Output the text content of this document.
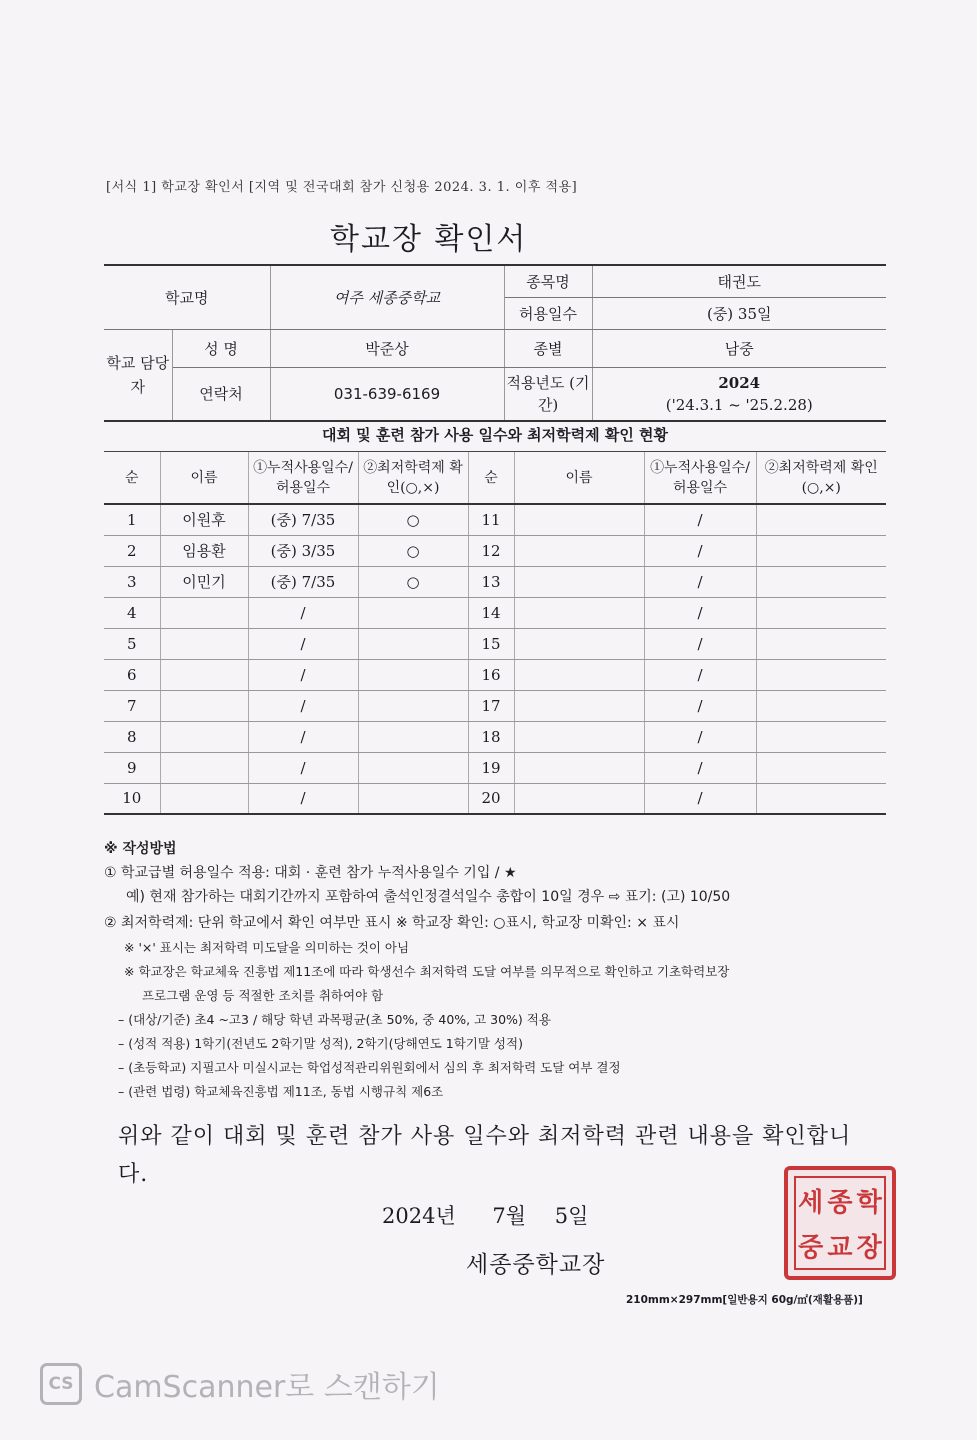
[서식 1] 학교장 확인서 [지역 및 전국대회 참가 신청용 2024. 3. 1. 이후 적용]
학교장 확인서
학교명		여주 세종중학교	종목명	태권도
			허용일수	(중) 35일
학교 담당자	성 명	박준상	종별	남중
	연락처	031-639-6169	적용년도 (기간)	2024
('24.3.1 ~ '25.2.28)
대회 및 훈련 참가 사용 일수와 최저학력제 확인 현황
순	이름	①누적사용일수/ 허용일수	②최저학력제 확인(○,×)	순	이름	①누적사용일수/ 허용일수	②최저학력제 확인(○,×)
1	이원후	(중) 7/35	○	11		/	
2	임용환	(중) 3/35	○	12		/	
3	이민기	(중) 7/35	○	13		/	
4		/		14		/	
5		/		15		/	
6		/		16		/	
7		/		17		/	
8		/		18		/	
9		/		19		/	
10		/		20		/	
※ 작성방법
① 학교급별 허용일수 적용: 대회 · 훈련 참가 누적사용일수 기입 / ★
예) 현재 참가하는 대회기간까지 포함하여 출석인정결석일수 총합이 10일 경우 ⇨ 표기: (고) 10/50
② 최저학력제: 단위 학교에서 확인 여부만 표시 ※ 학교장 확인: ○표시, 학교장 미확인: × 표시
※ '×' 표시는 최저학력 미도달을 의미하는 것이 아님
※ 학교장은 학교체육 진흥법 제11조에 따라 학생선수 최저학력 도달 여부를 의무적으로 확인하고 기초학력보장
프로그램 운영 등 적절한 조치를 취하여야 함
– (대상/기준) 초4 ~고3 / 해당 학년 과목평균(초 50%, 중 40%, 고 30%) 적용
– (성적 적용) 1학기(전년도 2학기말 성적), 2학기(당해연도 1학기말 성적)
– (초등학교) 지필고사 미실시교는 학업성적관리위원회에서 심의 후 최저학력 도달 여부 결정
– (관련 법령) 학교체육진흥법 제11조, 동법 시행규칙 제6조
위와 같이 대회 및 훈련 참가 사용 일수와 최저학력 관련 내용을 확인합니다.
2024년 7월 5일
세종중학교장
세 종 학
중 교 장
210mm×297mm[일반용지 60g/㎡(재활용품)]
CS CamScanner로 스캔하기
